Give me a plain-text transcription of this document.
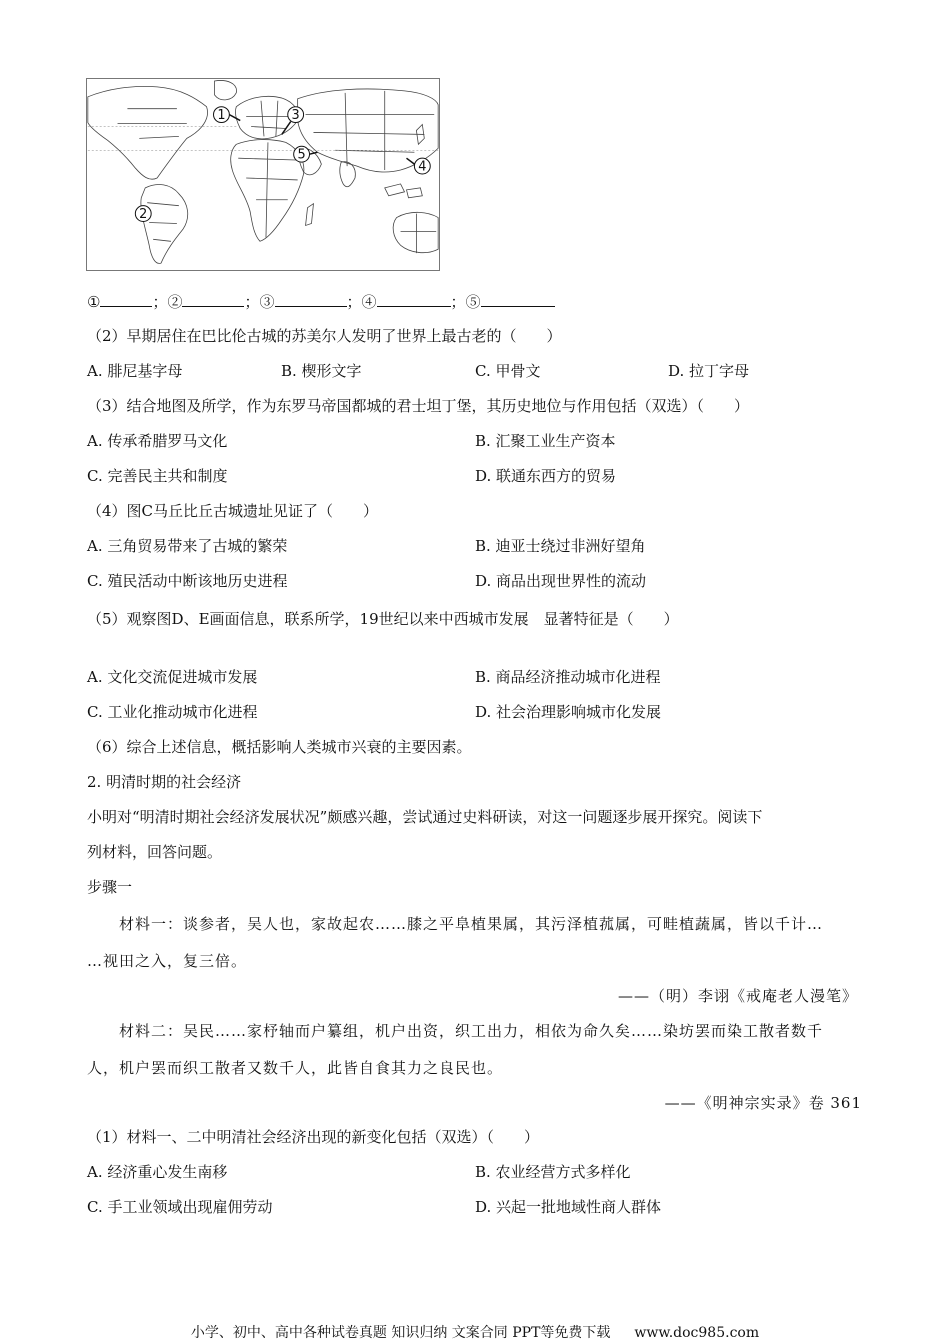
1
2
3
4
5
①	；②	；③	；④	；⑤
（2）早期居住在巴比伦古城的苏美尔人发明了世界上最古老的（　　）
A. 腓尼基字母	B. 楔形文字	C. 甲骨文	D. 拉丁字母
（3）结合地图及所学，作为东罗马帝国都城的君士坦丁堡，其历史地位与作用包括（双选）（　　）
A. 传承希腊罗马文化	B. 汇聚工业生产资本
C. 完善民主共和制度	D. 联通东西方的贸易
（4）图C马丘比丘古城遗址见证了（　　）
A. 三角贸易带来了古城的繁荣	B. 迪亚士绕过非洲好望角
C. 殖民活动中断该地历史进程	D. 商品出现世界性的流动
（5）观察图D、E画面信息，联系所学，19世纪以来中西城市发展　显著特征是（　　）
A. 文化交流促进城市发展	B. 商品经济推动城市化进程
C. 工业化推动城市化进程	D. 社会治理影响城市化发展
（6）综合上述信息，概括影响人类城市兴衰的主要因素。
2. 明清时期的社会经济
小明对“明清时期社会经济发展状况”颇感兴趣，尝试通过史料研读，对这一问题逐步展开探究。阅读下
列材料，回答问题。
步骤一
材料一：谈参者，吴人也，家故起农……膝之平阜植果属，其污泽植菰属，可畦植蔬属，皆以千计…
…视田之入，复三倍。
——（明）李诩《戒庵老人漫笔》
材料二：吴民……家杼轴而户纂组，机户出资，织工出力，相依为命久矣……染坊罢而染工散者数千
人，机户罢而织工散者又数千人，此皆自食其力之良民也。
——《明神宗实录》卷 361
（1）材料一、二中明清社会经济出现的新变化包括（双选）（　　）
A. 经济重心发生南移	B. 农业经营方式多样化
C. 手工业领域出现雇佣劳动	D. 兴起一批地域性商人群体
小学、初中、高中各种试卷真题 知识归纳 文案合同 PPT等免费下载 www.doc985.com
